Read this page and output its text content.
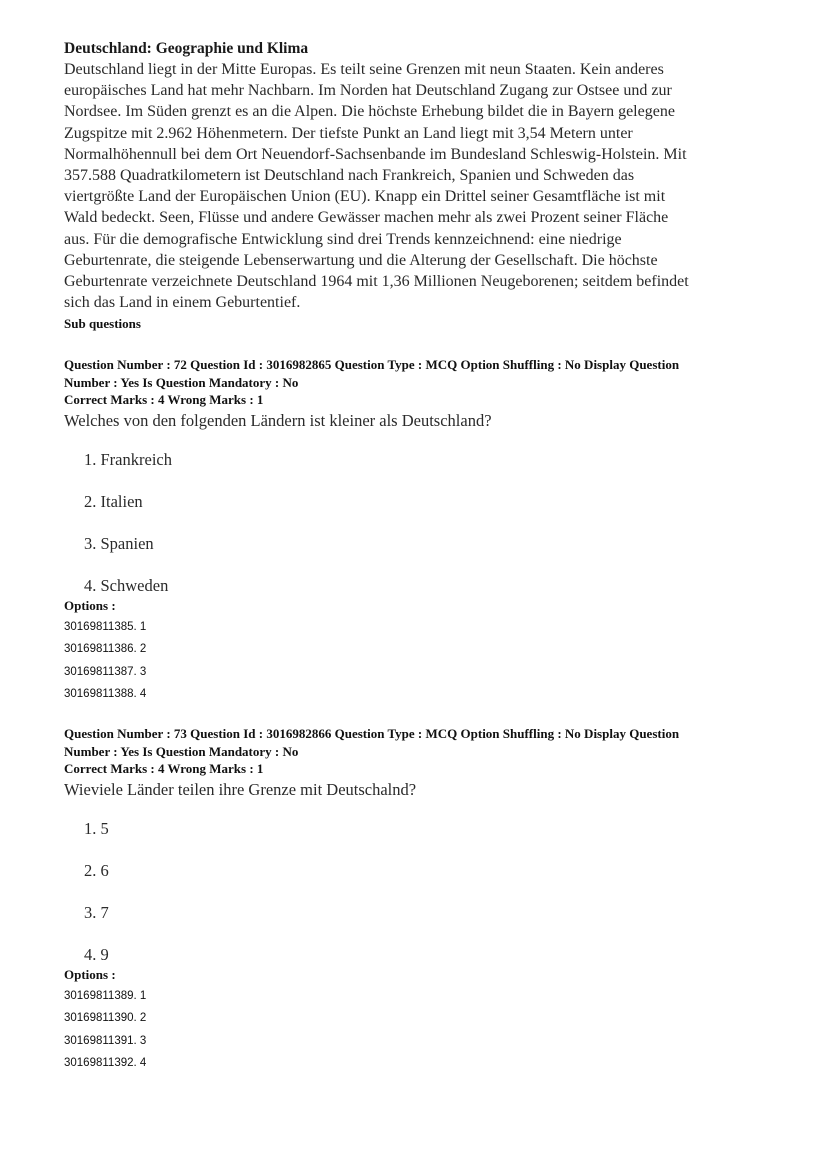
Deutschland: Geographie und Klima
Deutschland liegt in der Mitte Europas. Es teilt seine Grenzen mit neun Staaten. Kein anderes
europäisches Land hat mehr Nachbarn. Im Norden hat Deutschland Zugang zur Ostsee und zur
Nordsee. Im Süden grenzt es an die Alpen. Die höchste Erhebung bildet die in Bayern gelegene
Zugspitze mit 2.962 Höhenmetern. Der tiefste Punkt an Land liegt mit 3,54 Metern unter
Normalhöhennull bei dem Ort Neuendorf-Sachsenbande im Bundesland Schleswig-Holstein. Mit
357.588 Quadratkilometern ist Deutschland nach Frankreich, Spanien und Schweden das
viertgrößte Land der Europäischen Union (EU). Knapp ein Drittel seiner Gesamtfläche ist mit
Wald bedeckt. Seen, Flüsse und andere Gewässer machen mehr als zwei Prozent seiner Fläche
aus. Für die demografische Entwicklung sind drei Trends kennzeichnend: eine niedrige
Geburtenrate, die steigende Lebenserwartung und die Alterung der Gesellschaft. Die höchste
Geburtenrate verzeichnete Deutschland 1964 mit 1,36 Millionen Neugeborenen; seitdem befindet
sich das Land in einem Geburtentief.
Sub questions
Question Number : 72 Question Id : 3016982865 Question Type : MCQ Option Shuffling : No Display Question
Number : Yes Is Question Mandatory : No
Correct Marks : 4 Wrong Marks : 1
Welches von den folgenden Ländern ist kleiner als Deutschland?
1. Frankreich
2. Italien
3. Spanien
4. Schweden
Options :
30169811385. 1
30169811386. 2
30169811387. 3
30169811388. 4
Question Number : 73 Question Id : 3016982866 Question Type : MCQ Option Shuffling : No Display Question
Number : Yes Is Question Mandatory : No
Correct Marks : 4 Wrong Marks : 1
Wieviele Länder teilen ihre Grenze mit Deutschalnd?
1. 5
2. 6
3. 7
4. 9
Options :
30169811389. 1
30169811390. 2
30169811391. 3
30169811392. 4
